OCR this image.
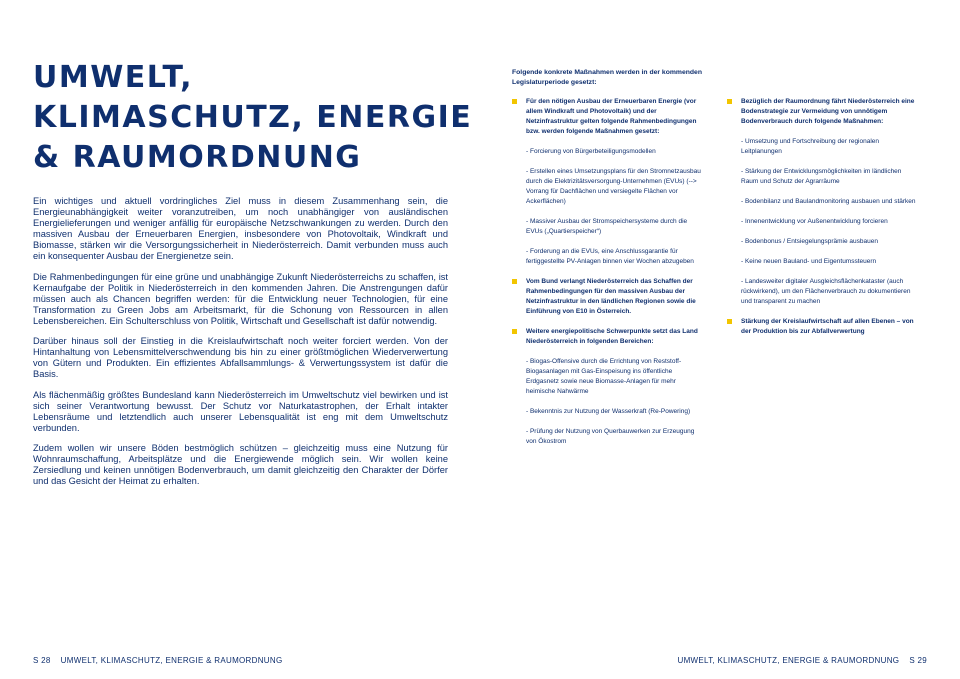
UMWELT,
KLIMASCHUTZ, ENERGIE
& RAUMORDNUNG

Ein wichtiges und aktuell vordringliches Ziel muss in diesem Zusammenhang sein, die Energieunabhängigkeit weiter voranzutreiben, um noch unabhängiger von ausländischen Energielieferungen und weniger anfällig für europäische Netzschwankungen zu werden. Durch den massiven Ausbau der Erneuerbaren Energien, insbesondere von Photovoltaik, Windkraft und Biomasse, stärken wir die Versorgungssicherheit in Niederösterreich. Damit verbunden muss auch ein konsequenter Ausbau der Energienetze sein.

Die Rahmenbedingungen für eine grüne und unabhängige Zukunft Niederösterreichs zu schaffen, ist Kernaufgabe der Politik in Niederösterreich in den kommenden Jahren. Die Anstrengungen dafür müssen auch als Chancen begriffen werden: für die Entwicklung neuer Technologien, für eine Transformation zu Green Jobs am Arbeitsmarkt, für die Schonung von Ressourcen in allen Lebensbereichen. Ein Schulterschluss von Politik, Wirtschaft und Gesellschaft ist dafür notwendig.

Darüber hinaus soll der Einstieg in die Kreislaufwirtschaft noch weiter forciert werden. Von der Hintanhaltung von Lebensmittelverschwendung bis hin zu einer größtmöglichen Wiederverwertung von Gütern und Produkten. Ein effizientes Abfallsammlungs- & Verwertungssystem ist dafür die Basis.

Als flächenmäßig größtes Bundesland kann Niederösterreich im Umweltschutz viel bewirken und ist sich seiner Verantwortung bewusst. Der Schutz vor Naturkatastrophen, der Erhalt intakter Lebensräume und letztendlich auch unserer Lebensqualität ist eng mit dem Umweltschutz verbunden.

Zudem wollen wir unsere Böden bestmöglich schützen – gleichzeitig muss eine Nutzung für Wohnraumschaffung, Arbeitsplätze und die Energiewende möglich sein. Wir wollen keine Zersiedlung und keinen unnötigen Bodenverbrauch, um damit gleichzeitig den Charakter der Dörfer und das Gesicht der Heimat zu erhalten.

Folgende konkrete Maßnahmen werden in der kommenden Legislaturperiode gesetzt:
Für den nötigen Ausbau der Erneuerbaren Energie (vor allem Windkraft und Photovoltaik) und der Netzinfrastruktur gelten folgende Rahmenbedingungen bzw. werden folgende Maßnahmen gesetzt:
- Forcierung von Bürgerbeteiligungsmodellen
- Erstellen eines Umsetzungsplans für den Stromnetzausbau durch die Elektrizitätsversorgung-Unternehmen (EVUs) (--> Vorrang für Dachflächen und versiegelte Flächen vor Ackerflächen)
- Massiver Ausbau der Stromspeichersysteme durch die EVUs („Quartierspeicher“)
- Forderung an die EVUs, eine Anschlussgarantie für fertiggestellte PV-Anlagen binnen vier Wochen abzugeben
Vom Bund verlangt Niederösterreich das Schaffen der Rahmenbedingungen für den massiven Ausbau der Netzinfrastruktur in den ländlichen Regionen sowie die Einführung von E10 in Österreich.
Weitere energiepolitische Schwerpunkte setzt das Land Niederösterreich in folgenden Bereichen:
- Biogas-Offensive durch die Errichtung von Reststoff-Biogasanlagen mit Gas-Einspeisung ins öffentliche Erdgasnetz sowie neue Biomasse-Anlagen für mehr heimische Nahwärme
- Bekenntnis zur Nutzung der Wasserkraft (Re-Powering)
- Prüfung der Nutzung von Querbauwerken zur Erzeugung von Ökostrom
Bezüglich der Raumordnung fährt Niederösterreich eine Bodenstrategie zur Vermeidung von unnötigem Bodenverbrauch durch folgende Maßnahmen:
- Umsetzung und Fortschreibung der regionalen Leitplanungen
- Stärkung der Entwicklungsmöglichkeiten im ländlichen Raum und Schutz der Agrarräume
- Bodenbilanz und Baulandmonitoring ausbauen und stärken
- Innenentwicklung vor Außenentwicklung forcieren
- Bodenbonus / Entsiegelungsprämie ausbauen
- Keine neuen Bauland- und Eigentumssteuern
- Landesweiter digitaler Ausgleichsflächenkataster (auch rückwirkend), um den Flächenverbrauch zu dokumentieren und transparent zu machen
Stärkung der Kreislaufwirtschaft auf allen Ebenen – von der Produktion bis zur Abfallverwertung
S 28 UMWELT, KLIMASCHUTZ, ENERGIE & RAUMORDNUNG	UMWELT, KLIMASCHUTZ, ENERGIE & RAUMORDNUNG S 29
